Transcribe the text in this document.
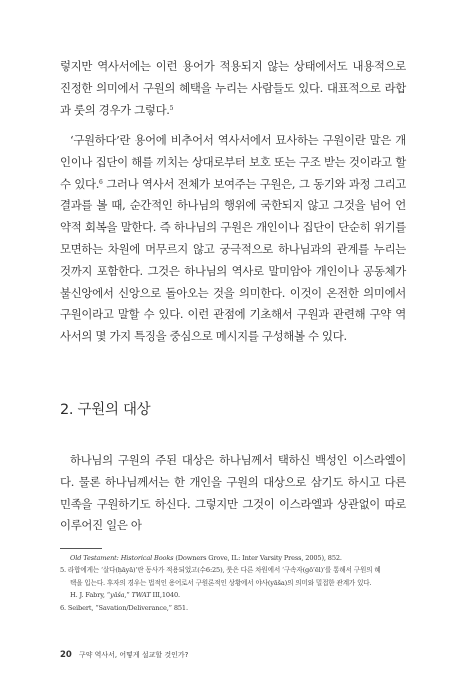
렇지만 역사서에는 이런 용어가 적용되지 않는 상태에서도 내용적으로 진정한 의미에서 구원의 혜택을 누리는 사람들도 있다. 대표적으로 라합과 룻의 경우가 그렇다.$^5$

‘구원하다’란 용어에 비추어서 역사서에서 묘사하는 구원이란 말은 개인이나 집단이 해를 끼치는 상대로부터 보호 또는 구조 받는 것이라고 할 수 있다.$^6$ 그러나 역사서 전체가 보여주는 구원은, 그 동기와 과정 그리고 결과를 볼 때, 순간적인 하나님의 행위에 국한되지 않고 그것을 넘어 언약적 회복을 말한다. 즉 하나님의 구원은 개인이나 집단이 단순히 위기를 모면하는 차원에 머무르지 않고 궁극적으로 하나님과의 관계를 누리는 것까지 포함한다. 그것은 하나님의 역사로 말미암아 개인이나 공동체가 불신앙에서 신앙으로 돌아오는 것을 의미한다. 이것이 온전한 의미에서 구원이라고 말할 수 있다. 이런 관점에 기초해서 구원과 관련해 구약 역사서의 몇 가지 특징을 중심으로 메시지를 구성해볼 수 있다.

2. 구원의 대상

하나님의 구원의 주된 대상은 하나님께서 택하신 백성인 이스라엘이다. 물론 하나님께서는 한 개인을 구원의 대상으로 삼기도 하시고 다른 민족을 구원하기도 하신다. 그렇지만 그것이 이스라엘과 상관없이 따로 이루어진 일은 아

Old Testament: Historical Books (Downers Grove, IL: Inter Varsity Press, 2005), 852.

5. 라합에게는 ‘살다(ḥāyā)’란 동사가 적용되었고(수6:25), 룻은 다른 차원에서 ‘구속자(gō’ēl)’를 통해서 구원의 혜

택을 입는다. 후자의 경우는 법적인 용어로서 구원론적인 상황에서 야사(yāša)의 의미와 밀접한 관계가 있다.

H. J. Fabry, “yāša,” TWAT III,1040.

6. Seibert, “Savation/Deliverance,” 851.

20 구약 역사서, 어떻게 설교할 것인가?
